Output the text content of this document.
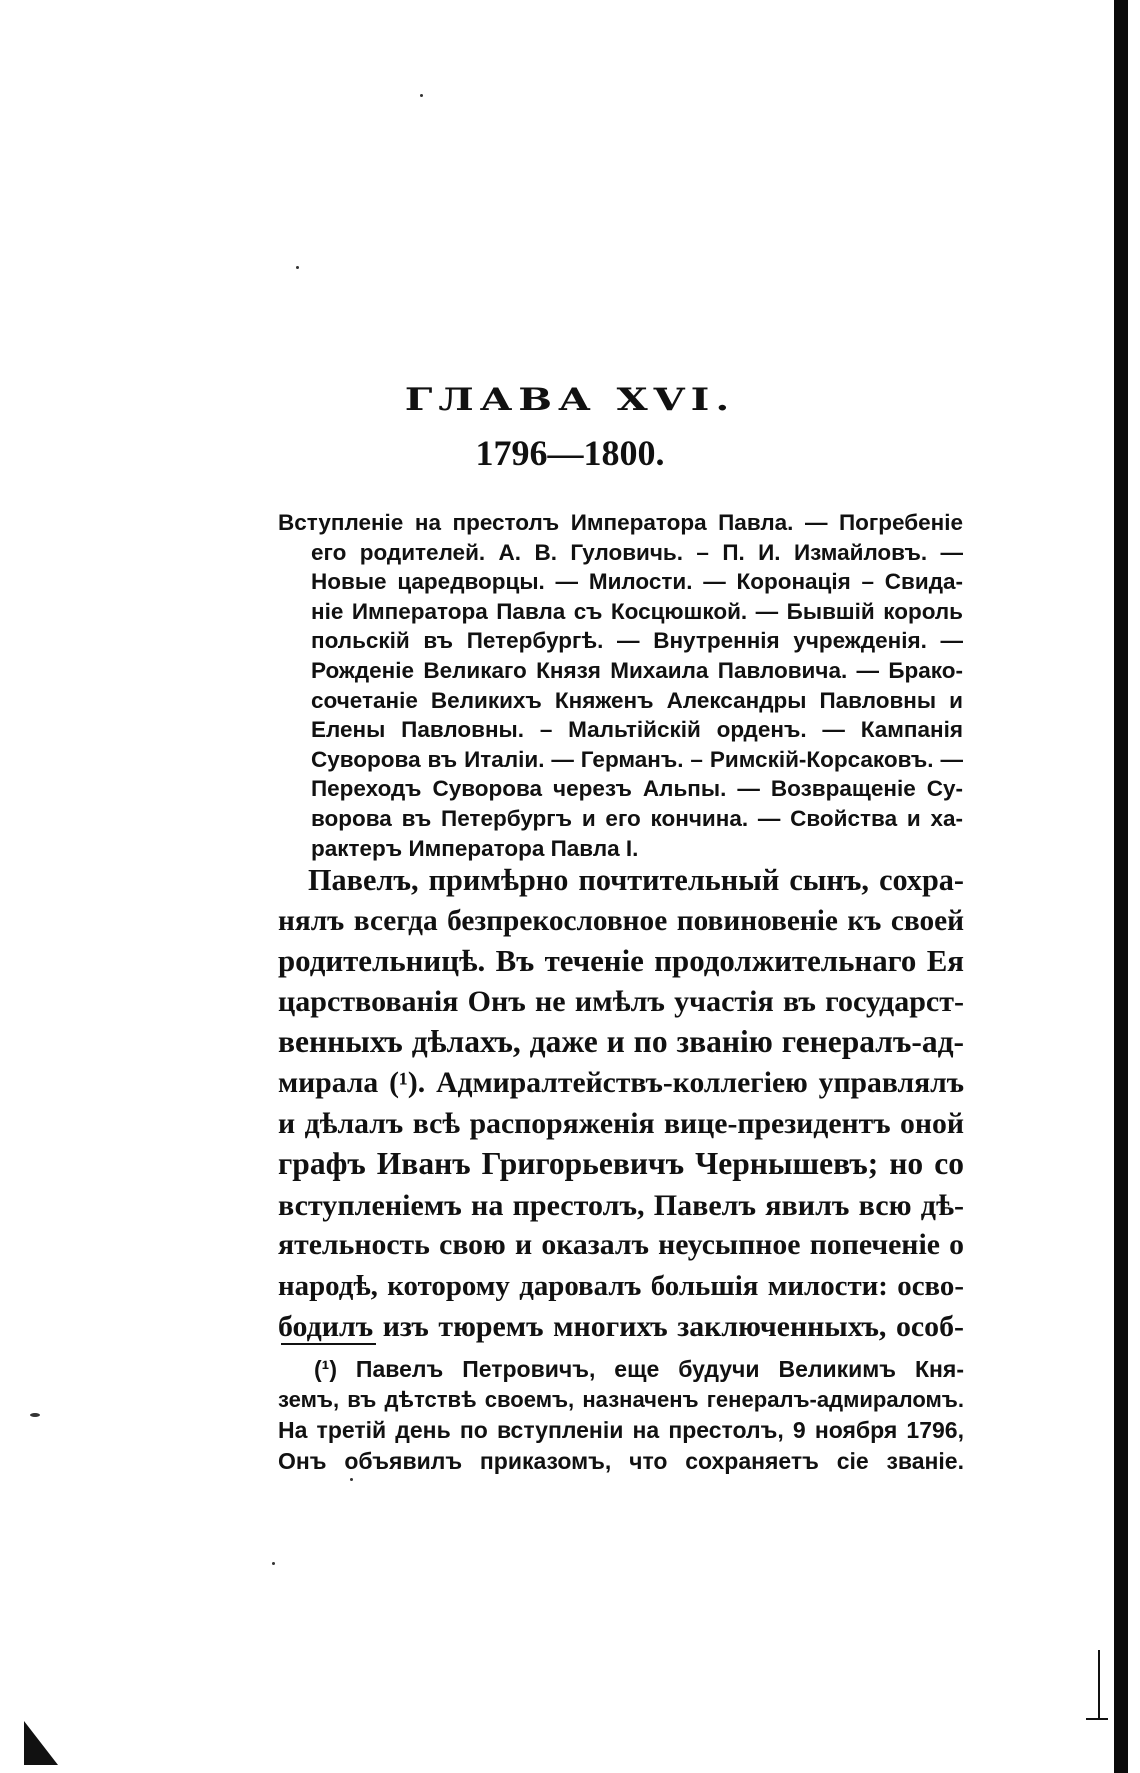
ГЛАВА XVI.
1796—1800.
Вступленіе на престолъ Императора Павла. — Погребеніе
его родителей. А. В. Гуловичь. – П. И. Измайловъ. —
Новые царедворцы. — Милости. — Коронація – Свида-
ніе Императора Павла съ Косцюшкой. — Бывшій король
польскій въ Петербургѣ. — Внутреннія учрежденія. —
Рожденіе Великаго Князя Михаила Павловича. — Брако-
сочетаніе Великихъ Княженъ Александры Павловны и
Елены Павловны. – Мальтійскій орденъ. — Кампанія
Суворова въ Италіи. — Германъ. – Римскій-Корсаковъ. —
Переходъ Суворова черезъ Альпы. — Возвращеніе Су-
ворова въ Петербургъ и его кончина. — Свойства и ха-
рактеръ Императора Павла I.
Павелъ, примѣрно почтительный сынъ, сохра-
нялъ всегда безпрекословное повиновеніе къ своей
родительницѣ. Въ теченіе продолжительнаго Ея
царствованія Онъ не имѣлъ участія въ государст-
венныхъ дѣлахъ, даже и по званію генералъ-ад-
мирала (¹). Адмиралтействъ-коллегіею управлялъ
и дѣлалъ всѣ распоряженія вице-президентъ оной
графъ Иванъ Григорьевичъ Чернышевъ; но со
вступленіемъ на престолъ, Павелъ явилъ всю дѣ-
ятельность свою и оказалъ неусыпное попеченіе о
народѣ, которому даровалъ большія милости: осво-
бодилъ изъ тюремъ многихъ заключенныхъ, особ-
(¹) Павелъ Петровичъ, еще будучи Великимъ Кня-
земъ, въ дѣтствѣ своемъ, назначенъ генералъ-адмираломъ.
На третій день по вступленіи на престолъ, 9 ноября 1796,
Онъ объявилъ приказомъ, что сохраняетъ сіе званіе.
